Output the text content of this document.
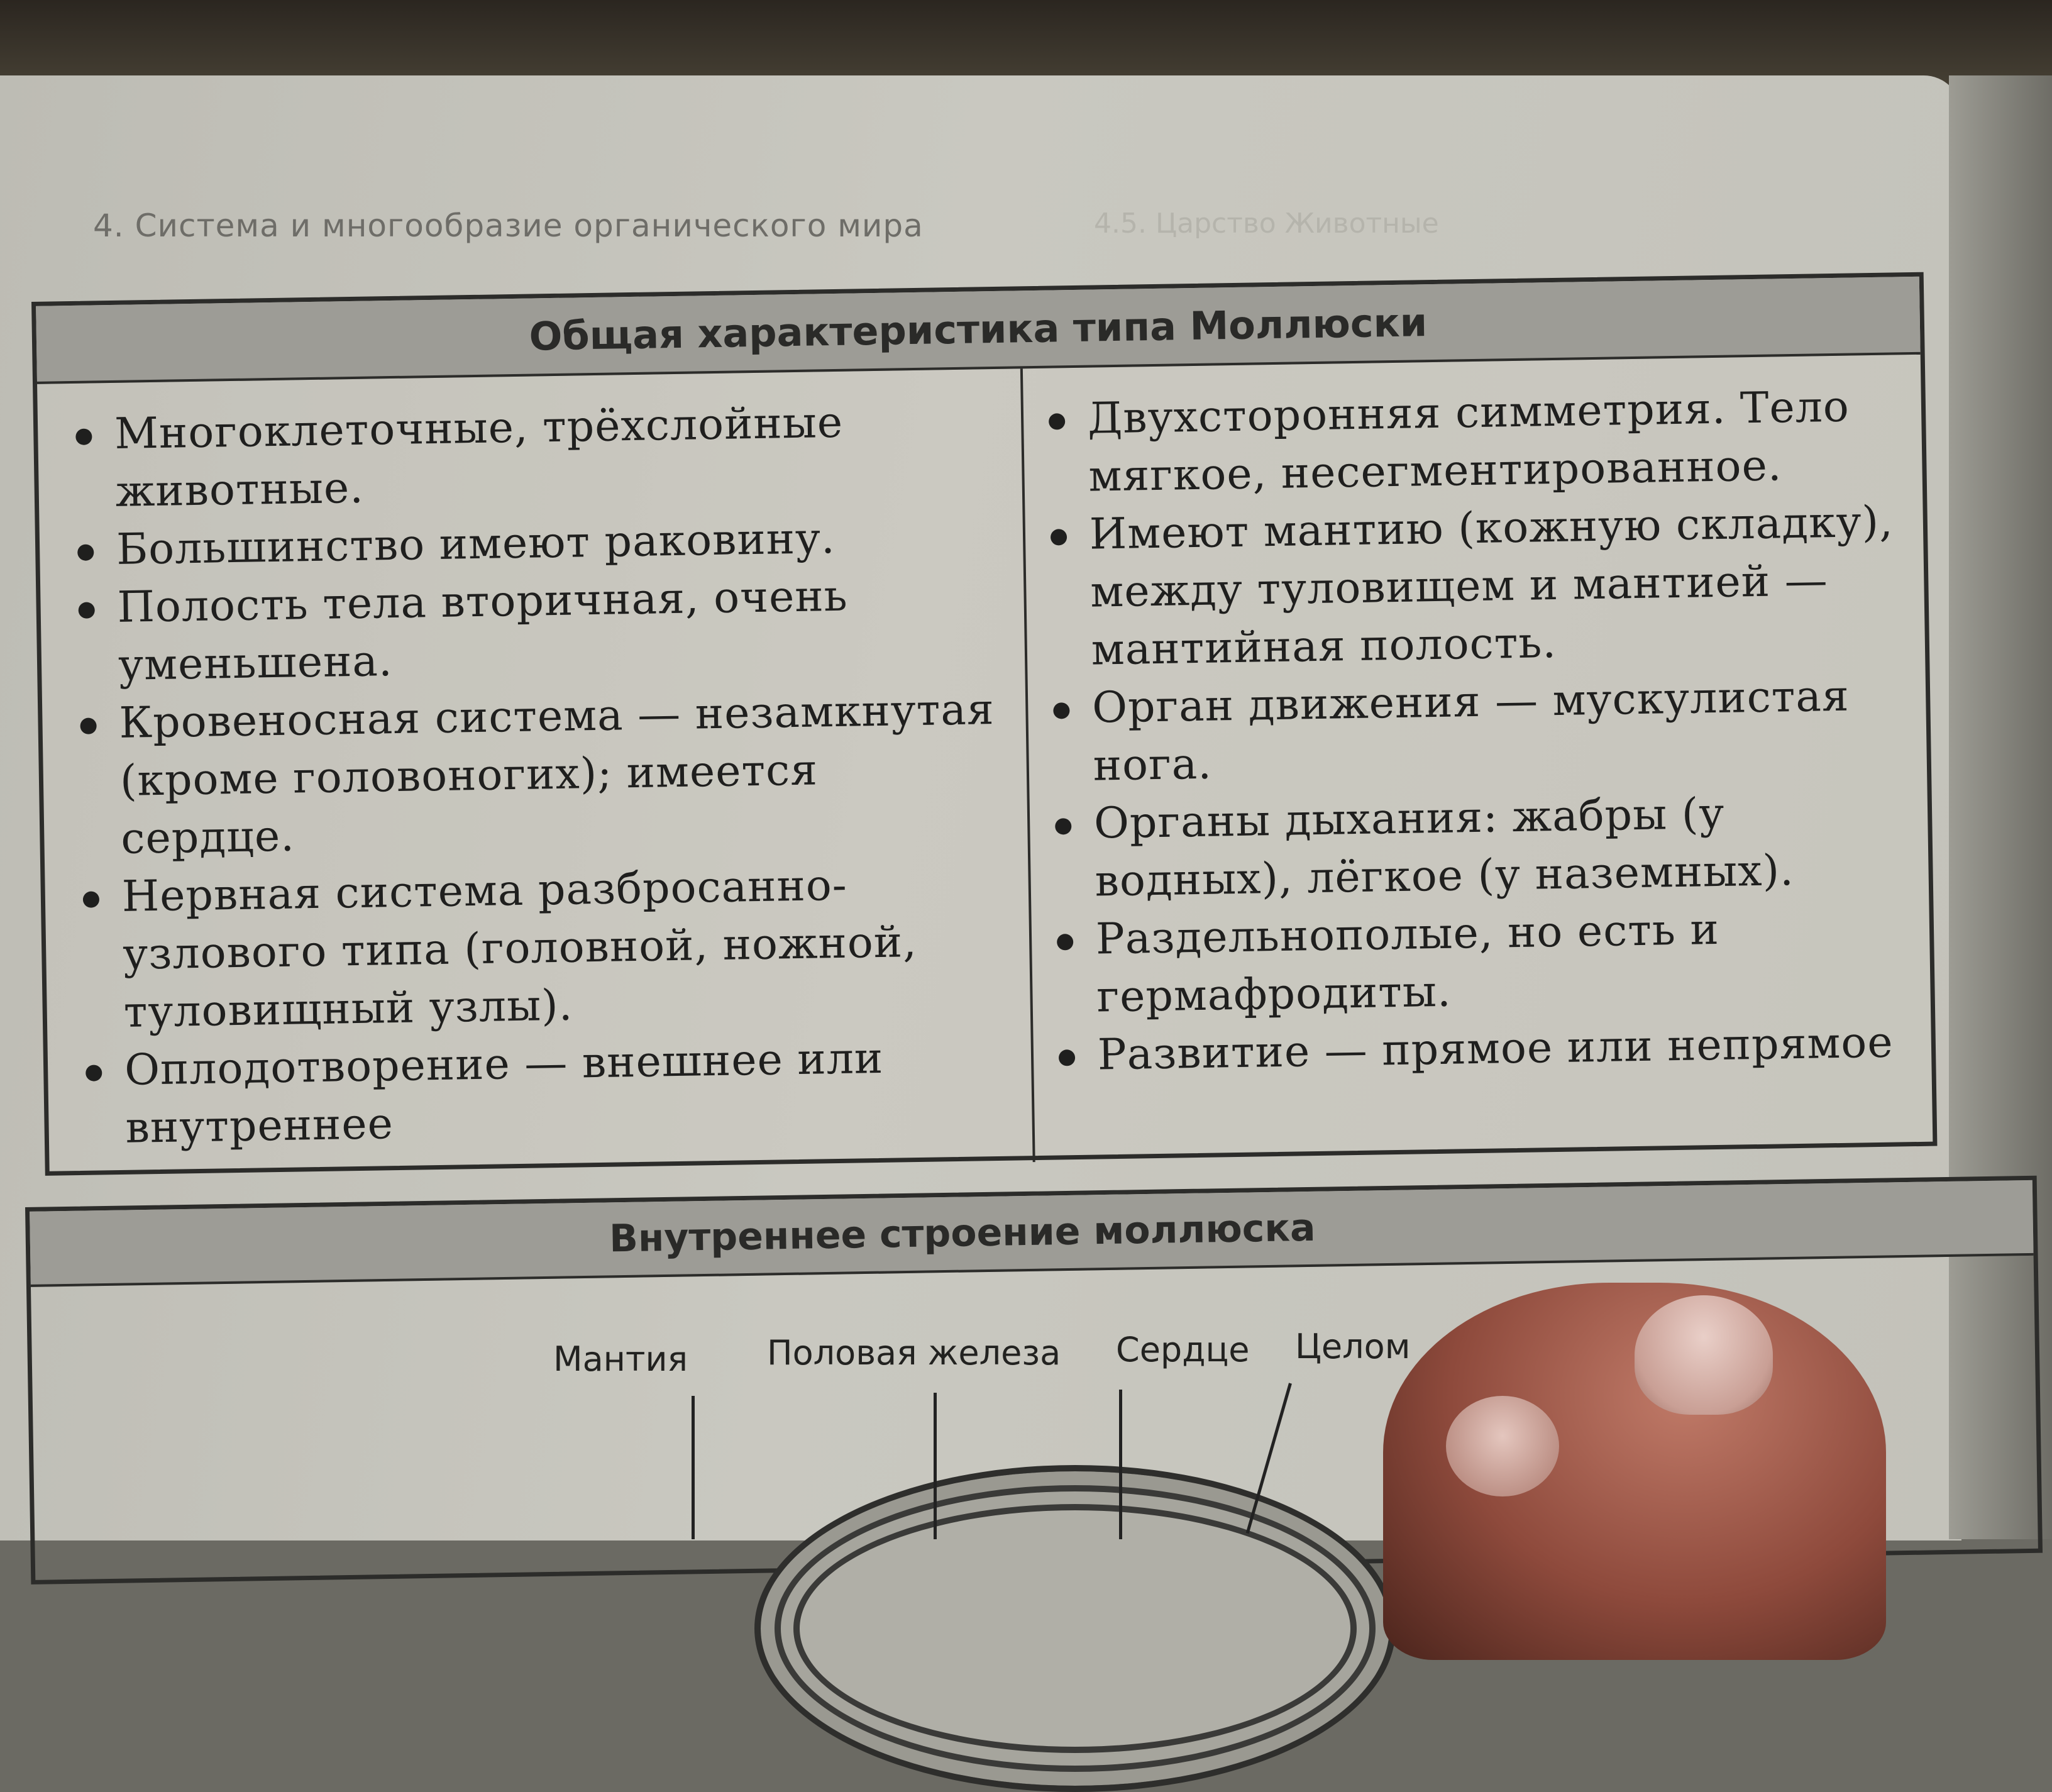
4. Система и многообразие органического мира	4.5. Царство Животные
Общая характеристика типа Моллюски
Многоклеточные, трёхслойные животные.
Большинство имеют раковину.
Полость тела вторичная, очень уменьшена.
Кровеносная система — незамкнутая (кроме головоногих); имеется сердце.
Нервная система разбросанно-узлового типа (головной, ножной, туловищный узлы).
Оплодотворение — внешнее или внутреннее
Двухсторонняя симметрия. Тело мягкое, несегментированное.
Имеют мантию (кожную складку), между туловищем и мантией — мантийная полость.
Орган движения — мускулистая нога.
Органы дыхания: жабры (у водных), лёгкое (у наземных).
Раздельнополые, но есть и гермафродиты.
Развитие — прямое или непрямое
Внутреннее строение моллюска
Мантия Половая железа Сердце Целом
